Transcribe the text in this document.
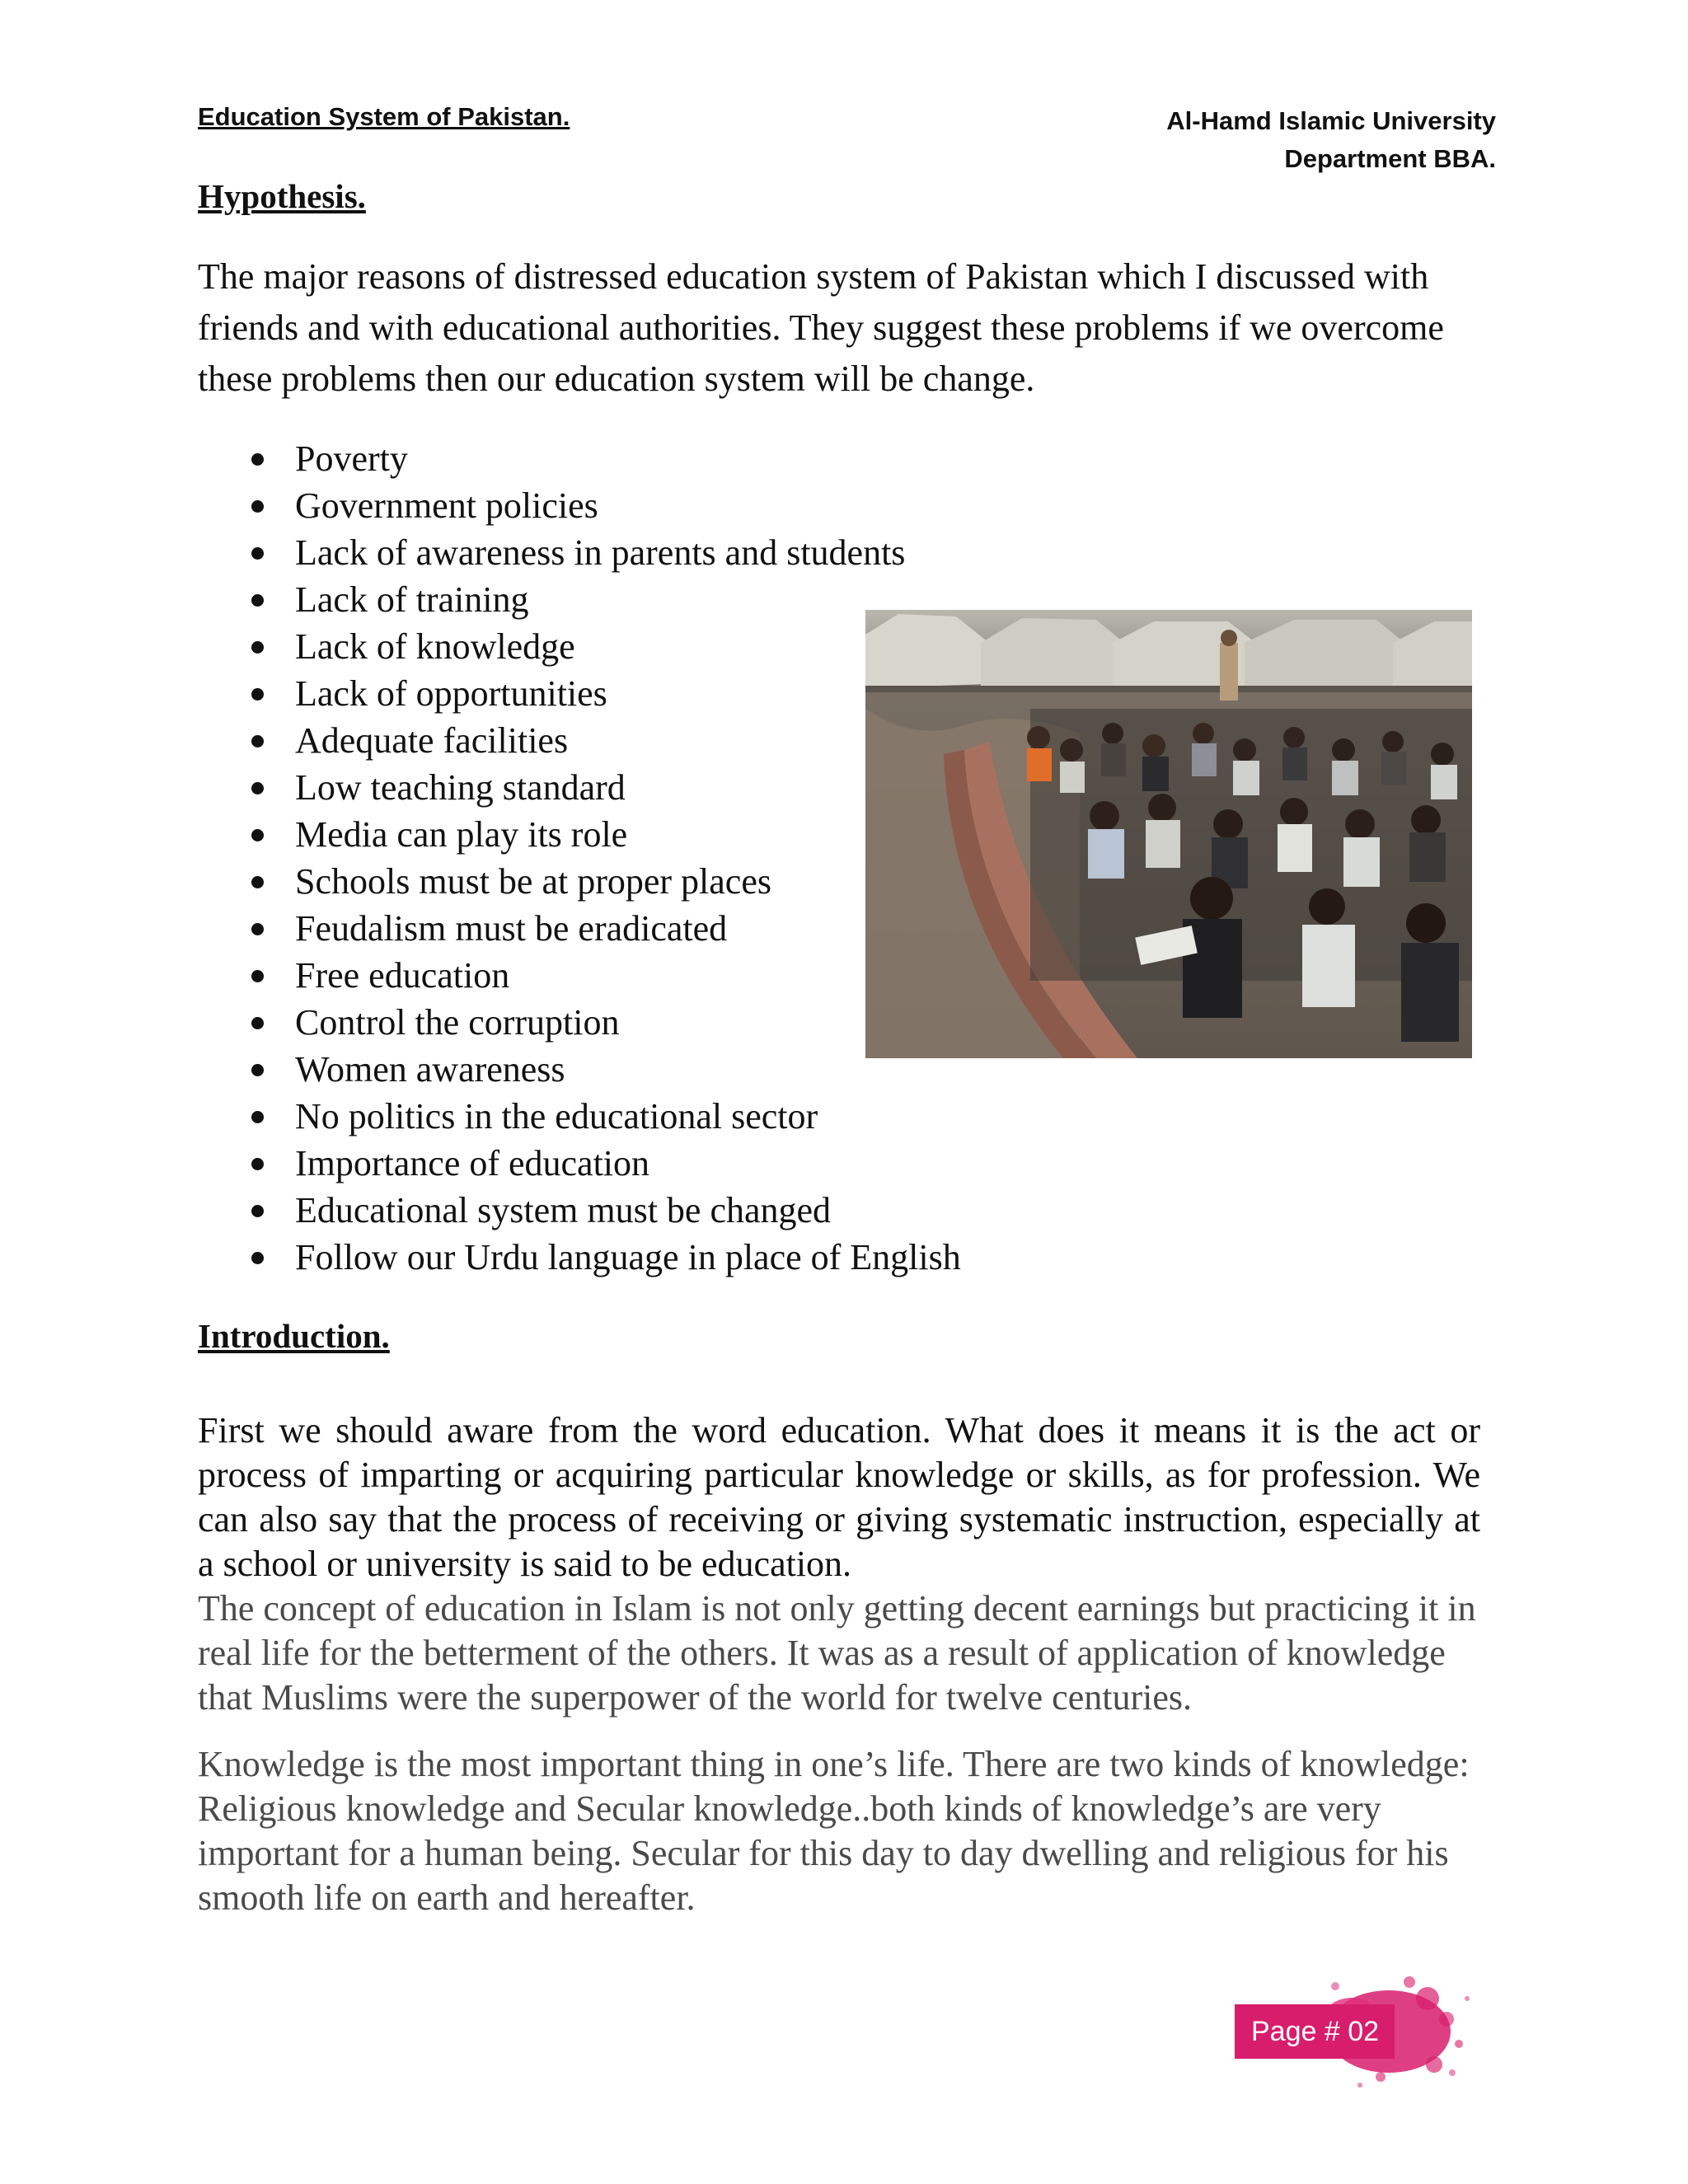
Education System of Pakistan.	Al-Hamd Islamic University
Department BBA.
Hypothesis.
The major reasons of distressed education system of Pakistan which I discussed with friends and with educational authorities. They suggest these problems if we overcome these problems then our education system will be change.
Poverty
Government policies
Lack of awareness in parents and students
Lack of training
Lack of knowledge
Lack of opportunities
Adequate facilities
Low teaching standard
Media can play its role
Schools must be at proper places
Feudalism must be eradicated
Free education
Control the corruption
Women awareness
No politics in the educational sector
Importance of education
Educational system must be changed
Follow our Urdu language in place of English
Introduction.
First we should aware from the word education. What does it means it is the act or process of imparting or acquiring particular knowledge or skills, as for profession. We can also say that the process of receiving or giving systematic instruction, especially at a school or university is said to be education.
The concept of education in Islam is not only getting decent earnings but practicing it in real life for the betterment of the others. It was as a result of application of knowledge that Muslims were the superpower of the world for twelve centuries.
Knowledge is the most important thing in one’s life. There are two kinds of knowledge: Religious knowledge and Secular knowledge..both kinds of knowledge’s are very important for a human being. Secular for this day to day dwelling and religious for his smooth life on earth and hereafter.
Page # 02
